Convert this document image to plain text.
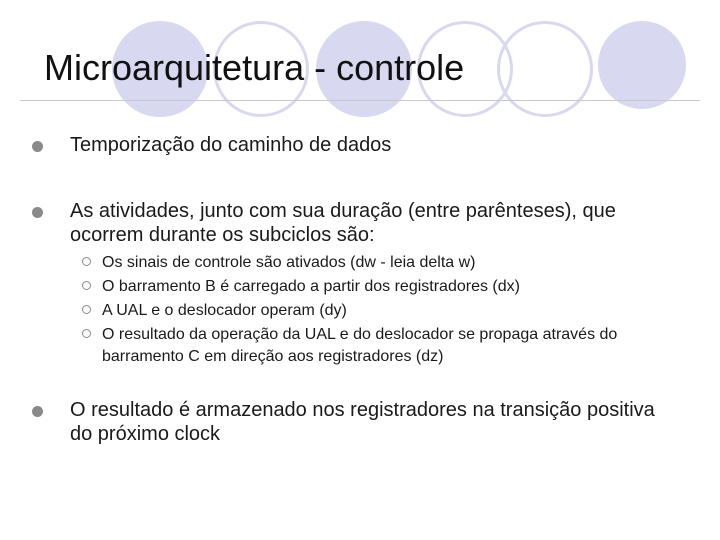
Microarquitetura - controle
Temporização do caminho de dados
As atividades, junto com sua duração (entre parênteses), que ocorrem durante os subciclos são:
Os sinais de controle são ativados (dw - leia delta w)
O barramento B é carregado a partir dos registradores (dx)
A UAL e o deslocador operam (dy)
O resultado da operação da UAL e do deslocador se propaga através do barramento C em direção aos registradores (dz)
O resultado é armazenado nos registradores na transição positiva do próximo clock
